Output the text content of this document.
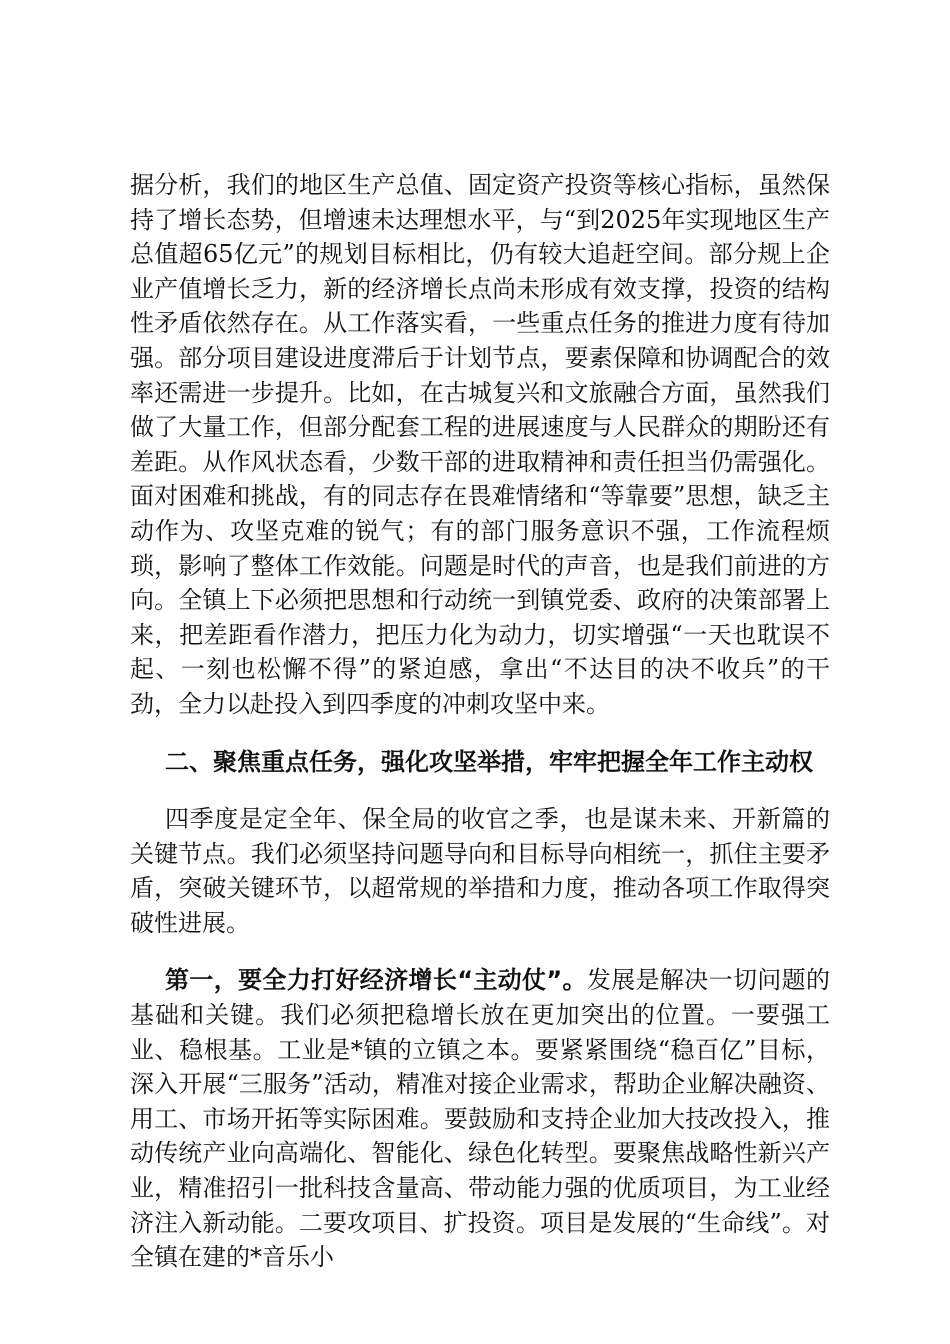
据分析，我们的地区生产总值、固定资产投资等核心指标，虽然保持了增长态势，但增速未达理想水平，与“到2025年实现地区生产总值超65亿元”的规划目标相比，仍有较大追赶空间。部分规上企业产值增长乏力，新的经济增长点尚未形成有效支撑，投资的结构性矛盾依然存在。从工作落实看，一些重点任务的推进力度有待加强。部分项目建设进度滞后于计划节点，要素保障和协调配合的效率还需进一步提升。比如，在古城复兴和文旅融合方面，虽然我们做了大量工作，但部分配套工程的进展速度与人民群众的期盼还有差距。从作风状态看，少数干部的进取精神和责任担当仍需强化。面对困难和挑战，有的同志存在畏难情绪和“等靠要”思想，缺乏主动作为、攻坚克难的锐气；有的部门服务意识不强，工作流程烦琐，影响了整体工作效能。问题是时代的声音，也是我们前进的方向。全镇上下必须把思想和行动统一到镇党委、政府的决策部署上来，把差距看作潜力，把压力化为动力，切实增强“一天也耽误不起、一刻也松懈不得”的紧迫感，拿出“不达目的决不收兵”的干劲，全力以赴投入到四季度的冲刺攻坚中来。

二、聚焦重点任务，强化攻坚举措，牢牢把握全年工作主动权

四季度是定全年、保全局的收官之季，也是谋未来、开新篇的关键节点。我们必须坚持问题导向和目标导向相统一，抓住主要矛盾，突破关键环节，以超常规的举措和力度，推动各项工作取得突破性进展。

第一，要全力打好经济增长“主动仗”。发展是解决一切问题的基础和关键。我们必须把稳增长放在更加突出的位置。一要强工业、稳根基。工业是*镇的立镇之本。要紧紧围绕“稳百亿”目标，深入开展“三服务”活动，精准对接企业需求，帮助企业解决融资、用工、市场开拓等实际困难。要鼓励和支持企业加大技改投入，推动传统产业向高端化、智能化、绿色化转型。要聚焦战略性新兴产业，精准招引一批科技含量高、带动能力强的优质项目，为工业经济注入新动能。二要攻项目、扩投资。项目是发展的“生命线”。对全镇在建的*音乐小
